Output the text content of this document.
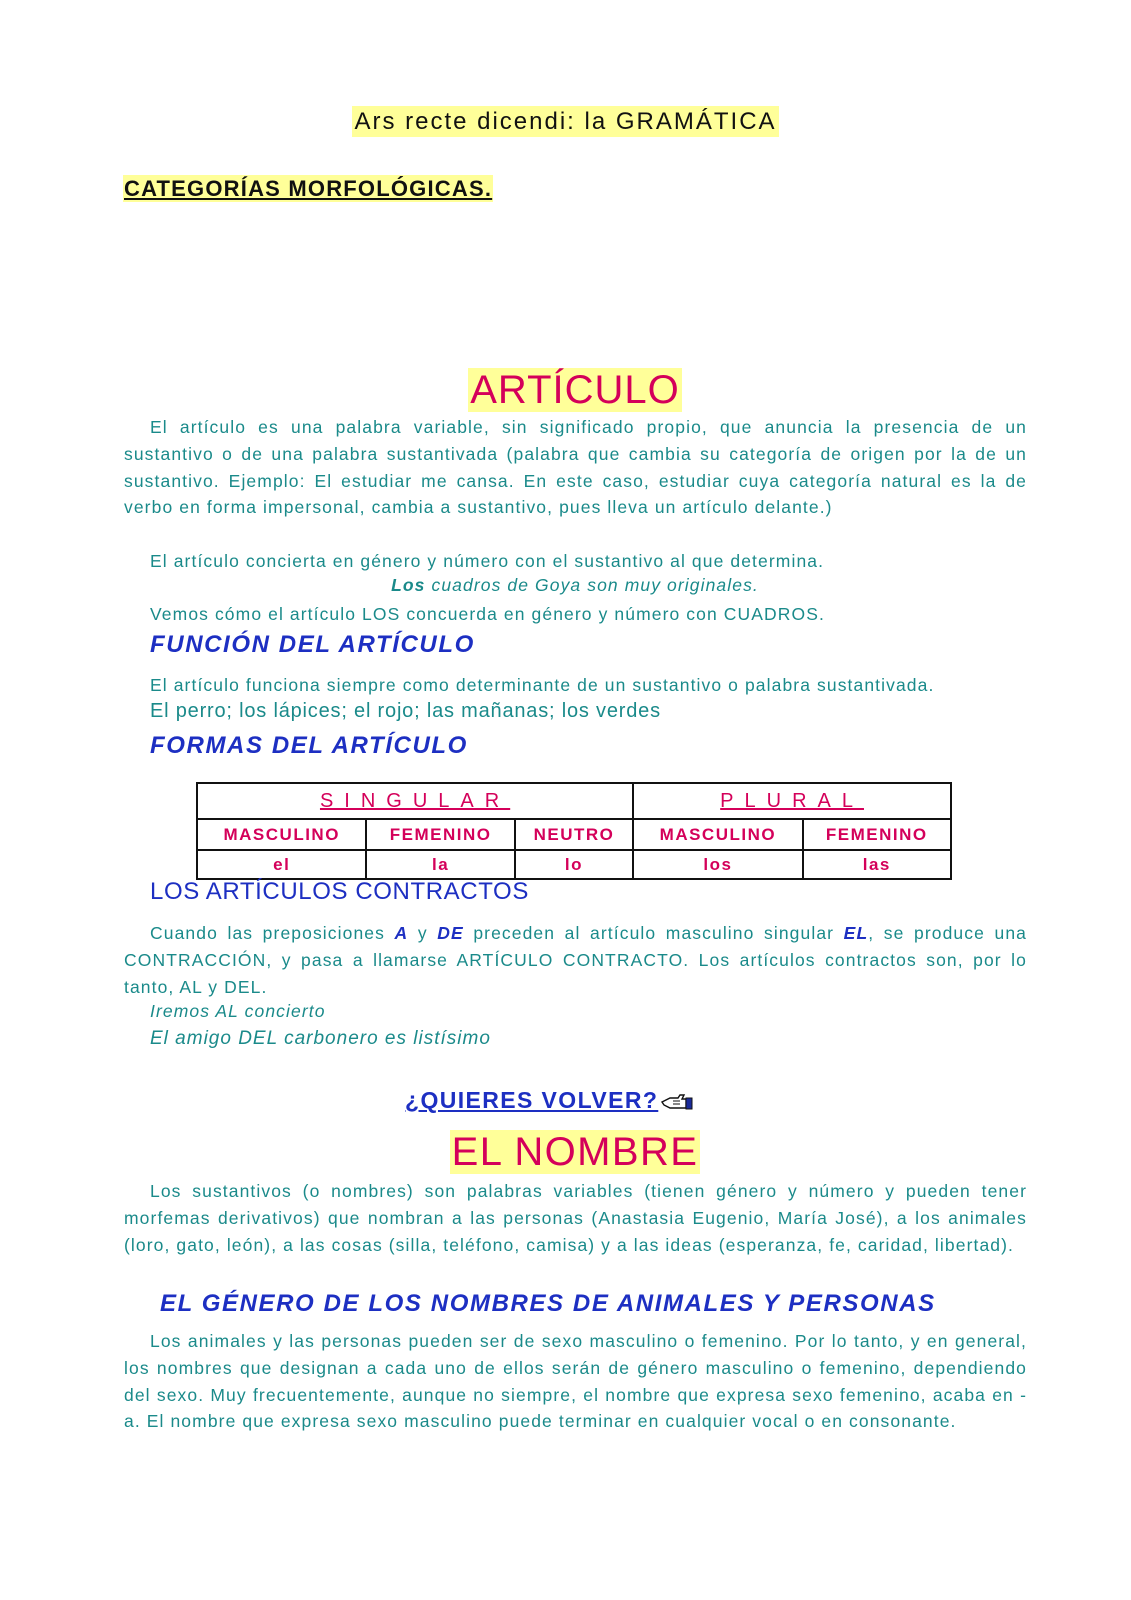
Ars recte dicendi: la GRAMÁTICA
CATEGORÍAS MORFOLÓGICAS.
ARTÍCULO

El artículo es una palabra variable, sin significado propio, que anuncia la presencia de un sustantivo o de una palabra sustantivada (palabra que cambia su categoría de origen por la de un sustantivo. Ejemplo: El estudiar me cansa. En este caso, estudiar cuya categoría natural es la de verbo en forma impersonal, cambia a sustantivo, pues lleva un artículo delante.)

El artículo concierta en género y número con el sustantivo al que determina.

Los cuadros de Goya son muy originales.

Vemos cómo el artículo LOS concuerda en género y número con CUADROS.

FUNCIÓN DEL ARTÍCULO

El artículo funciona siempre como determinante de un sustantivo o palabra sustantivada.

El perro; los lápices; el rojo; las mañanas; los verdes
FORMAS DEL ARTÍCULO
SINGULAR			PLURAL	
MASCULINO	FEMENINO	NEUTRO	MASCULINO	FEMENINO
el	la	lo	los	las
LOS ARTÍCULOS CONTRACTOS

Cuando las preposiciones A y DE preceden al artículo masculino singular EL, se produce una CONTRACCIÓN, y pasa a llamarse ARTÍCULO CONTRACTO. Los artículos contractos son, por lo tanto, AL y DEL.

Iremos AL concierto
El amigo DEL carbonero es listísimo
¿QUIERES VOLVER?
EL NOMBRE

Los sustantivos (o nombres) son palabras variables (tienen género y número y pueden tener morfemas derivativos) que nombran a las personas (Anastasia Eugenio, María José), a los animales (loro, gato, león), a las cosas (silla, teléfono, camisa) y a las ideas (esperanza, fe, caridad, libertad).

EL GÉNERO DE LOS NOMBRES DE ANIMALES Y PERSONAS

Los animales y las personas pueden ser de sexo masculino o femenino. Por lo tanto, y en general, los nombres que designan a cada uno de ellos serán de género masculino o femenino, dependiendo del sexo. Muy frecuentemente, aunque no siempre, el nombre que expresa sexo femenino, acaba en -a. El nombre que expresa sexo masculino puede terminar en cualquier vocal o en consonante.
